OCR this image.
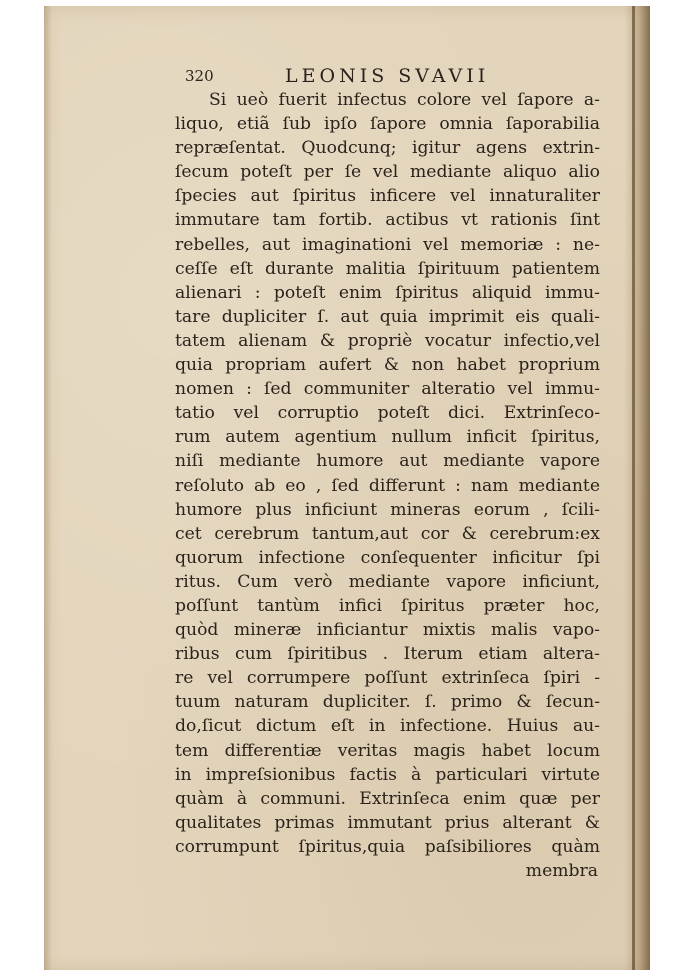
320	LEONIS SVAVII
Si ueò fuerit infectus colore vel ſapore a-
liquo, etiã ſub ipſo ſapore omnia ſaporabilia
repræſentat. Quodcunq; igitur agens extrin-
ſecum poteſt per ſe vel mediante aliquo alio
ſpecies aut ſpiritus inficere vel innaturaliter
immutare tam fortib. actibus vt rationis ſint
rebelles, aut imaginationi vel memoriæ : ne-
ceſſe eſt durante malitia ſpirituum patientem
alienari : poteſt enim ſpiritus aliquid immu-
tare dupliciter ſ. aut quia imprimit eis quali-
tatem alienam & propriè vocatur infectio,vel
quia propriam aufert & non habet proprium
nomen : ſed communiter alteratio vel immu-
tatio vel corruptio poteſt dici. Extrinſeco-
rum autem agentium nullum inficit ſpiritus,
niſi mediante humore aut mediante vapore
reſoluto ab eo , ſed differunt : nam mediante
humore plus inficiunt mineras eorum , ſcili-
cet cerebrum tantum,aut cor & cerebrum:ex
quorum infectione conſequenter inficitur ſpi
ritus. Cum verò mediante vapore inficiunt,
poſſunt tantùm infici ſpiritus præter hoc,
quòd mineræ inficiantur mixtis malis vapo-
ribus cum ſpiritibus . Iterum etiam altera-
re vel corrumpere poſſunt extrinſeca ſpiri -
tuum naturam dupliciter. ſ. primo & ſecun-
do,ſicut dictum eſt in infectione. Huius au-
tem differentiæ veritas magis habet locum
in impreſsionibus factis à particulari virtute
quàm à communi. Extrinſeca enim quæ per
qualitates primas immutant prius alterant &
corrumpunt ſpiritus,quia paſsibiliores quàm
membra
